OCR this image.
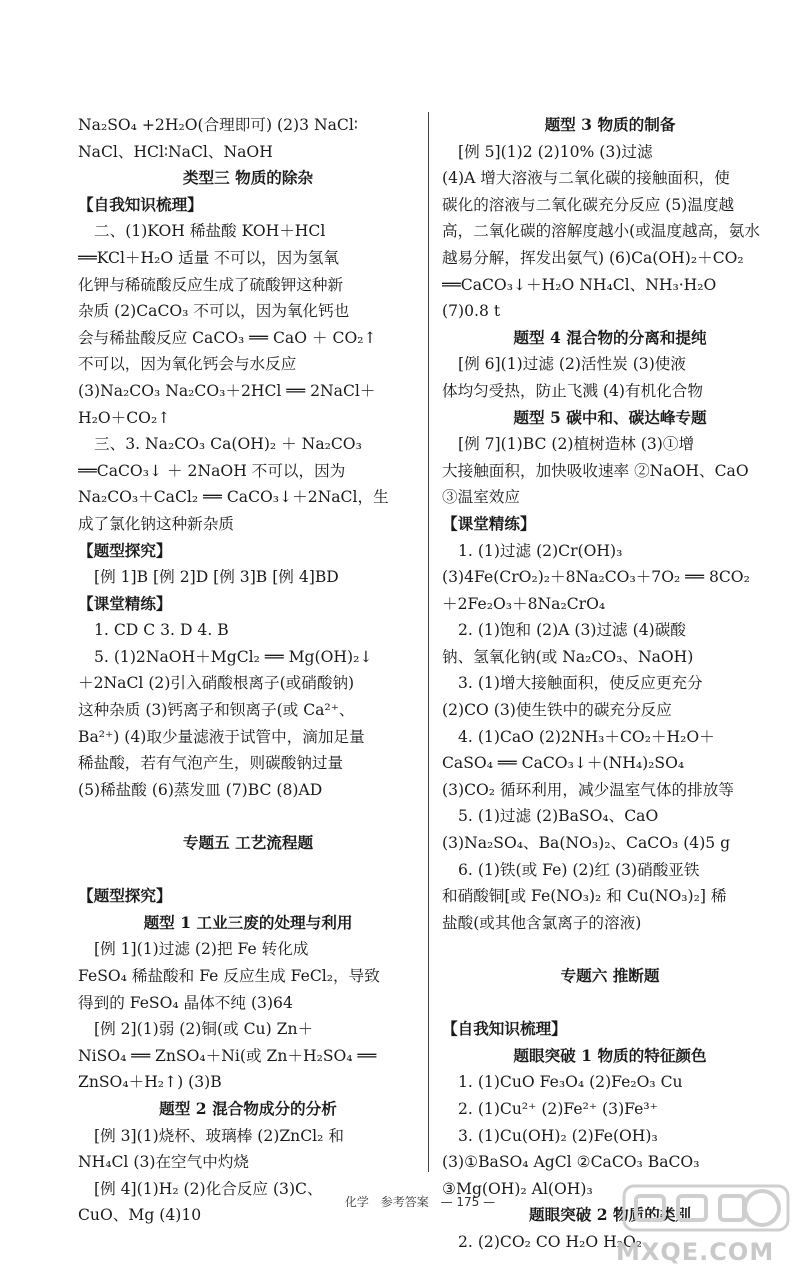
Na₂SO₄ +2H₂O(合理即可) (2)3 NaCl∶
NaCl、HCl∶NaCl、NaOH
类型三 物质的除杂
【自我知识梳理】
二、(1)KOH 稀盐酸 KOH＋HCl
══KCl＋H₂O 适量 不可以，因为氢氧
化钾与稀硫酸反应生成了硫酸钾这种新
杂质 (2)CaCO₃ 不可以，因为氧化钙也
会与稀盐酸反应 CaCO₃ ══ CaO ＋ CO₂↑
不可以，因为氧化钙会与水反应
(3)Na₂CO₃ Na₂CO₃＋2HCl ══ 2NaCl＋
H₂O＋CO₂↑
三、3. Na₂CO₃ Ca(OH)₂ ＋ Na₂CO₃
══CaCO₃↓ ＋ 2NaOH 不可以，因为
Na₂CO₃＋CaCl₂ ══ CaCO₃↓＋2NaCl，生
成了氯化钠这种新杂质
【题型探究】
[例 1]B [例 2]D [例 3]B [例 4]BD
【课堂精练】
1. CD C 3. D 4. B
5. (1)2NaOH＋MgCl₂ ══ Mg(OH)₂↓
＋2NaCl (2)引入硝酸根离子(或硝酸钠)
这种杂质 (3)钙离子和钡离子(或 Ca²⁺、
Ba²⁺) (4)取少量滤液于试管中，滴加足量
稀盐酸，若有气泡产生，则碳酸钠过量
(5)稀盐酸 (6)蒸发皿 (7)BC (8)AD
专题五 工艺流程题
【题型探究】
题型 1 工业三废的处理与利用
[例 1](1)过滤 (2)把 Fe 转化成
FeSO₄ 稀盐酸和 Fe 反应生成 FeCl₂，导致
得到的 FeSO₄ 晶体不纯 (3)64
[例 2](1)弱 (2)铜(或 Cu) Zn＋
NiSO₄ ══ ZnSO₄＋Ni(或 Zn＋H₂SO₄ ══
ZnSO₄＋H₂↑) (3)B
题型 2 混合物成分的分析
[例 3](1)烧杯、玻璃棒 (2)ZnCl₂ 和
NH₄Cl (3)在空气中灼烧
[例 4](1)H₂ (2)化合反应 (3)C、
CuO、Mg (4)10
题型 3 物质的制备
[例 5](1)2 (2)10% (3)过滤
(4)A 增大溶液与二氧化碳的接触面积，使
碳化的溶液与二氧化碳充分反应 (5)温度越
高，二氧化碳的溶解度越小(或温度越高，氨水
越易分解，挥发出氨气) (6)Ca(OH)₂＋CO₂
══CaCO₃↓＋H₂O NH₄Cl、NH₃·H₂O
(7)0.8 t
题型 4 混合物的分离和提纯
[例 6](1)过滤 (2)活性炭 (3)使液
体均匀受热，防止飞溅 (4)有机化合物
题型 5 碳中和、碳达峰专题
[例 7](1)BC (2)植树造林 (3)①增
大接触面积，加快吸收速率 ②NaOH、CaO
③温室效应
【课堂精练】
1. (1)过滤 (2)Cr(OH)₃
(3)4Fe(CrO₂)₂＋8Na₂CO₃＋7O₂ ══ 8CO₂
＋2Fe₂O₃＋8Na₂CrO₄
2. (1)饱和 (2)A (3)过滤 (4)碳酸
钠、氢氧化钠(或 Na₂CO₃、NaOH)
3. (1)增大接触面积，使反应更充分
(2)CO (3)使生铁中的碳充分反应
4. (1)CaO (2)2NH₃＋CO₂＋H₂O＋
CaSO₄ ══ CaCO₃↓＋(NH₄)₂SO₄
(3)CO₂ 循环利用，减少温室气体的排放等
5. (1)过滤 (2)BaSO₄、CaO
(3)Na₂SO₄、Ba(NO₃)₂、CaCO₃ (4)5 g
6. (1)铁(或 Fe) (2)红 (3)硝酸亚铁
和硝酸铜[或 Fe(NO₃)₂ 和 Cu(NO₃)₂] 稀
盐酸(或其他含氯离子的溶液)
专题六 推断题
【自我知识梳理】
题眼突破 1 物质的特征颜色
1. (1)CuO Fe₃O₄ (2)Fe₂O₃ Cu
2. (1)Cu²⁺ (2)Fe²⁺ (3)Fe³⁺
3. (1)Cu(OH)₂ (2)Fe(OH)₃
(3)①BaSO₄ AgCl ②CaCO₃ BaCO₃
③Mg(OH)₂ Al(OH)₃
题眼突破 2 物质的类别
2. (2)CO₂ CO H₂O H₂O₂
化学 参考答案 — 175 —
MXQE.COM
